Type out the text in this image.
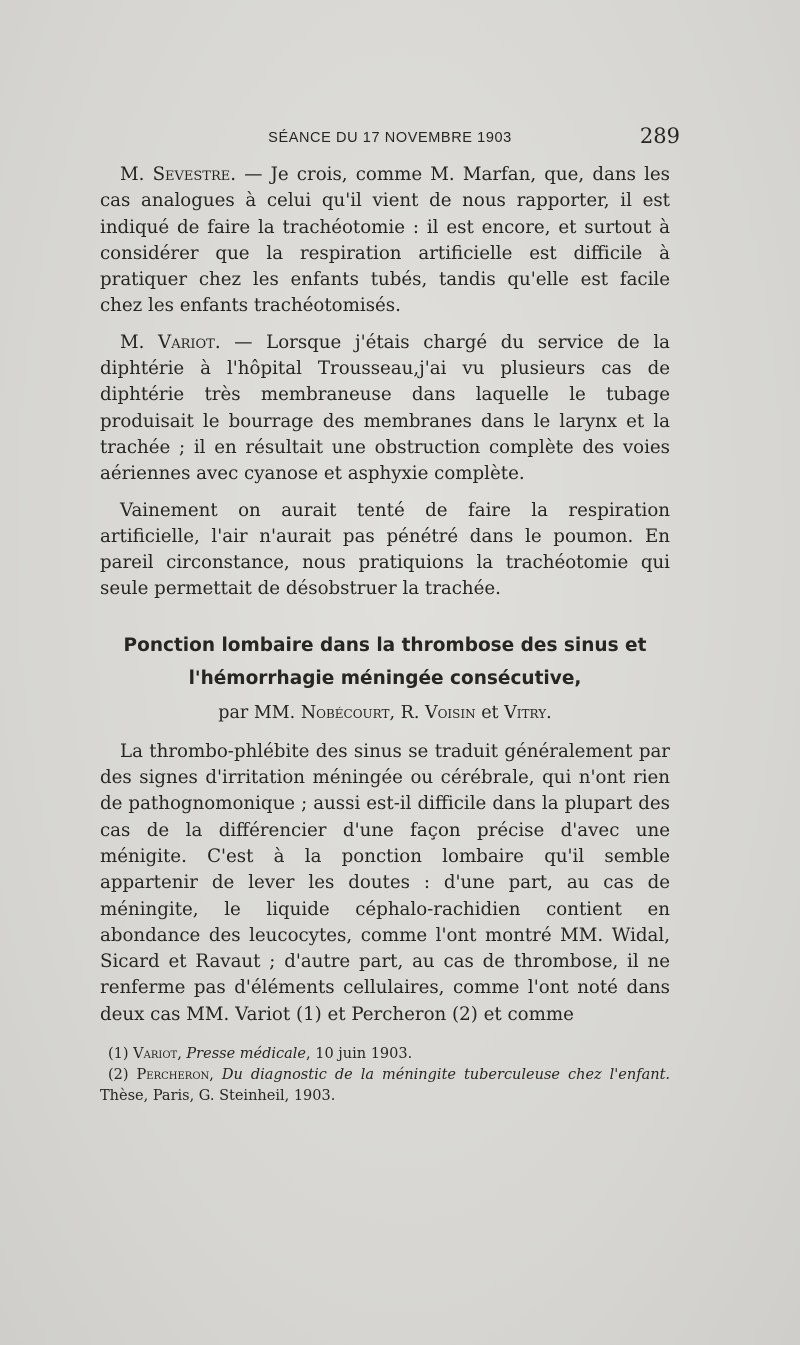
SÉANCE DU 17 NOVEMBRE 1903	289

M. Sevestre. — Je crois, comme M. Marfan, que, dans les cas analogues à celui qu'il vient de nous rapporter, il est indiqué de faire la trachéotomie : il est encore, et surtout à considérer que la respiration artificielle est difficile à pratiquer chez les enfants tubés, tandis qu'elle est facile chez les enfants trachéotomisés.

M. Variot. — Lorsque j'étais chargé du service de la diphtérie à l'hôpital Trousseau,j'ai vu plusieurs cas de diphtérie très membraneuse dans laquelle le tubage produisait le bourrage des membranes dans le larynx et la trachée ; il en résultait une obstruction complète des voies aériennes avec cyanose et asphyxie complète.

Vainement on aurait tenté de faire la respiration artificielle, l'air n'aurait pas pénétré dans le poumon. En pareil circonstance, nous pratiquions la trachéotomie qui seule permettait de désobstruer la trachée.

Ponction lombaire dans la thrombose des sinus et
l'hémorrhagie méningée consécutive,
par MM. Nobécourt, R. Voisin et Vitry.

La thrombo-phlébite des sinus se traduit généralement par des signes d'irritation méningée ou cérébrale, qui n'ont rien de pathognomonique ; aussi est-il difficile dans la plupart des cas de la différencier d'une façon précise d'avec une ménigite. C'est à la ponction lombaire qu'il semble appartenir de lever les doutes : d'une part, au cas de méningite, le liquide céphalo-rachidien contient en abondance des leucocytes, comme l'ont montré MM. Widal, Sicard et Ravaut ; d'autre part, au cas de thrombose, il ne renferme pas d'éléments cellulaires, comme l'ont noté dans deux cas MM. Variot (1) et Percheron (2) et comme

(1) Variot, Presse médicale, 10 juin 1903.

(2) Percheron, Du diagnostic de la méningite tuberculeuse chez l'enfant. Thèse, Paris, G. Steinheil, 1903.
